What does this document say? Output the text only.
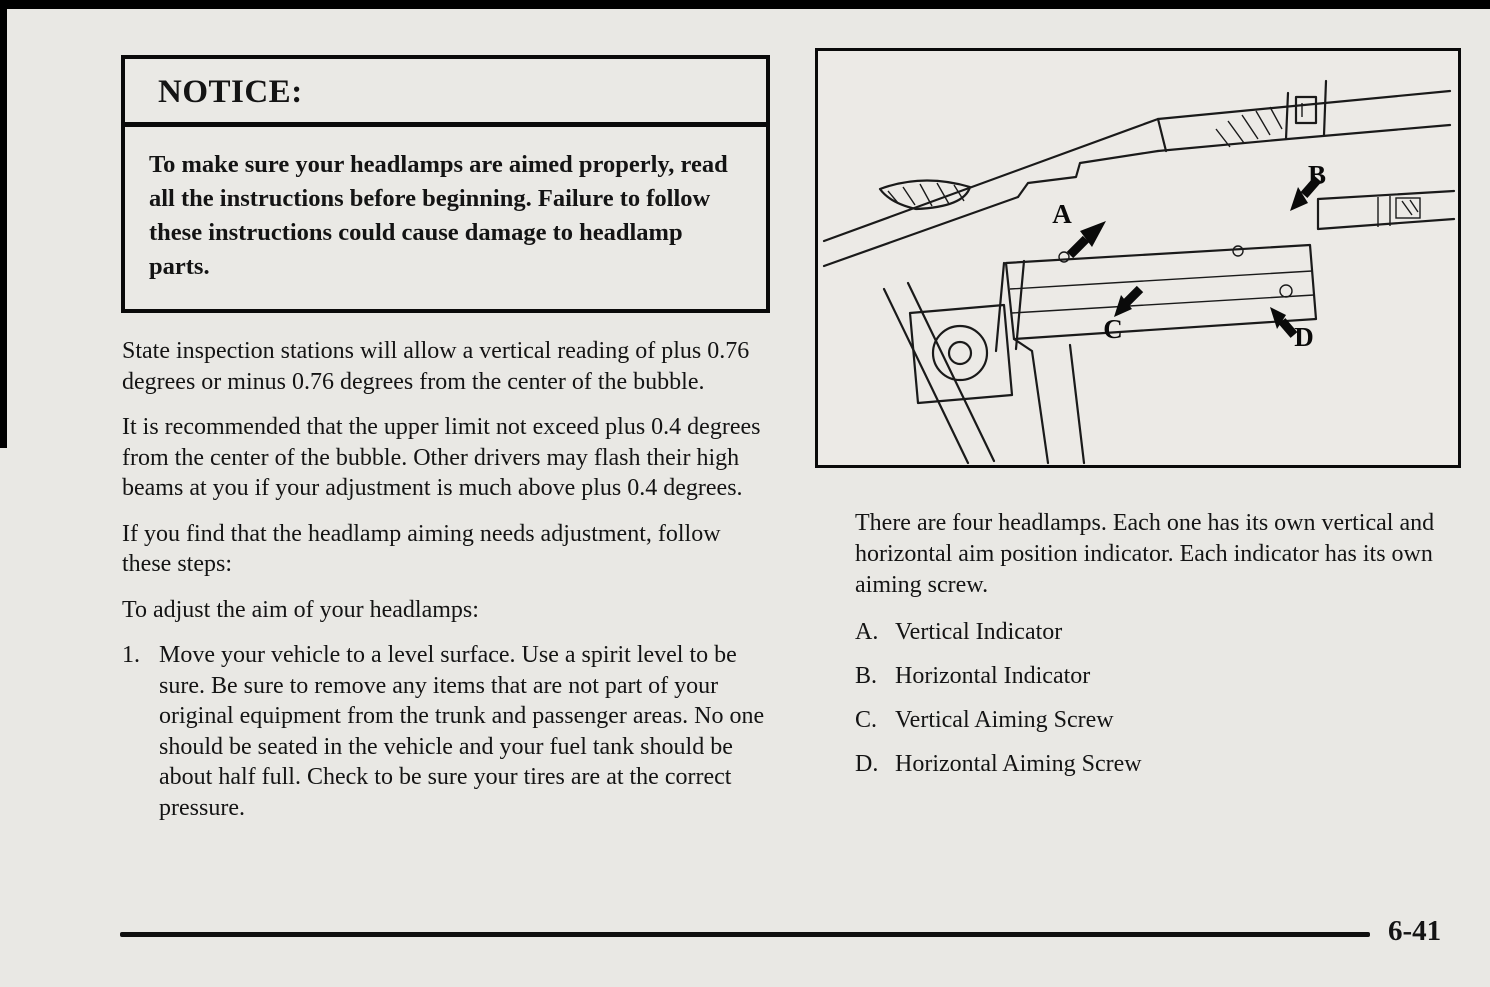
NOTICE:
To make sure your headlamps are aimed properly, read all the instructions before beginning. Failure to follow these instructions could cause damage to headlamp parts.

State inspection stations will allow a vertical reading of plus 0.76 degrees or minus 0.76 degrees from the center of the bubble.

It is recommended that the upper limit not exceed plus 0.4 degrees from the center of the bubble. Other drivers may flash their high beams at you if your adjustment is much above plus 0.4 degrees.

If you find that the headlamp aiming needs adjustment, follow these steps:

To adjust the aim of your headlamps:

1. Move your vehicle to a level surface. Use a spirit level to be sure. Be sure to remove any items that are not part of your original equipment from the trunk and passenger areas. No one should be seated in the vehicle and your fuel tank should be about half full. Check to be sure your tires are at the correct pressure.
A
B
C	D

There are four headlamps. Each one has its own vertical and horizontal aim position indicator. Each indicator has its own aiming screw.

A. Vertical Indicator
B. Horizontal Indicator
C. Vertical Aiming Screw
D. Horizontal Aiming Screw
6-41
